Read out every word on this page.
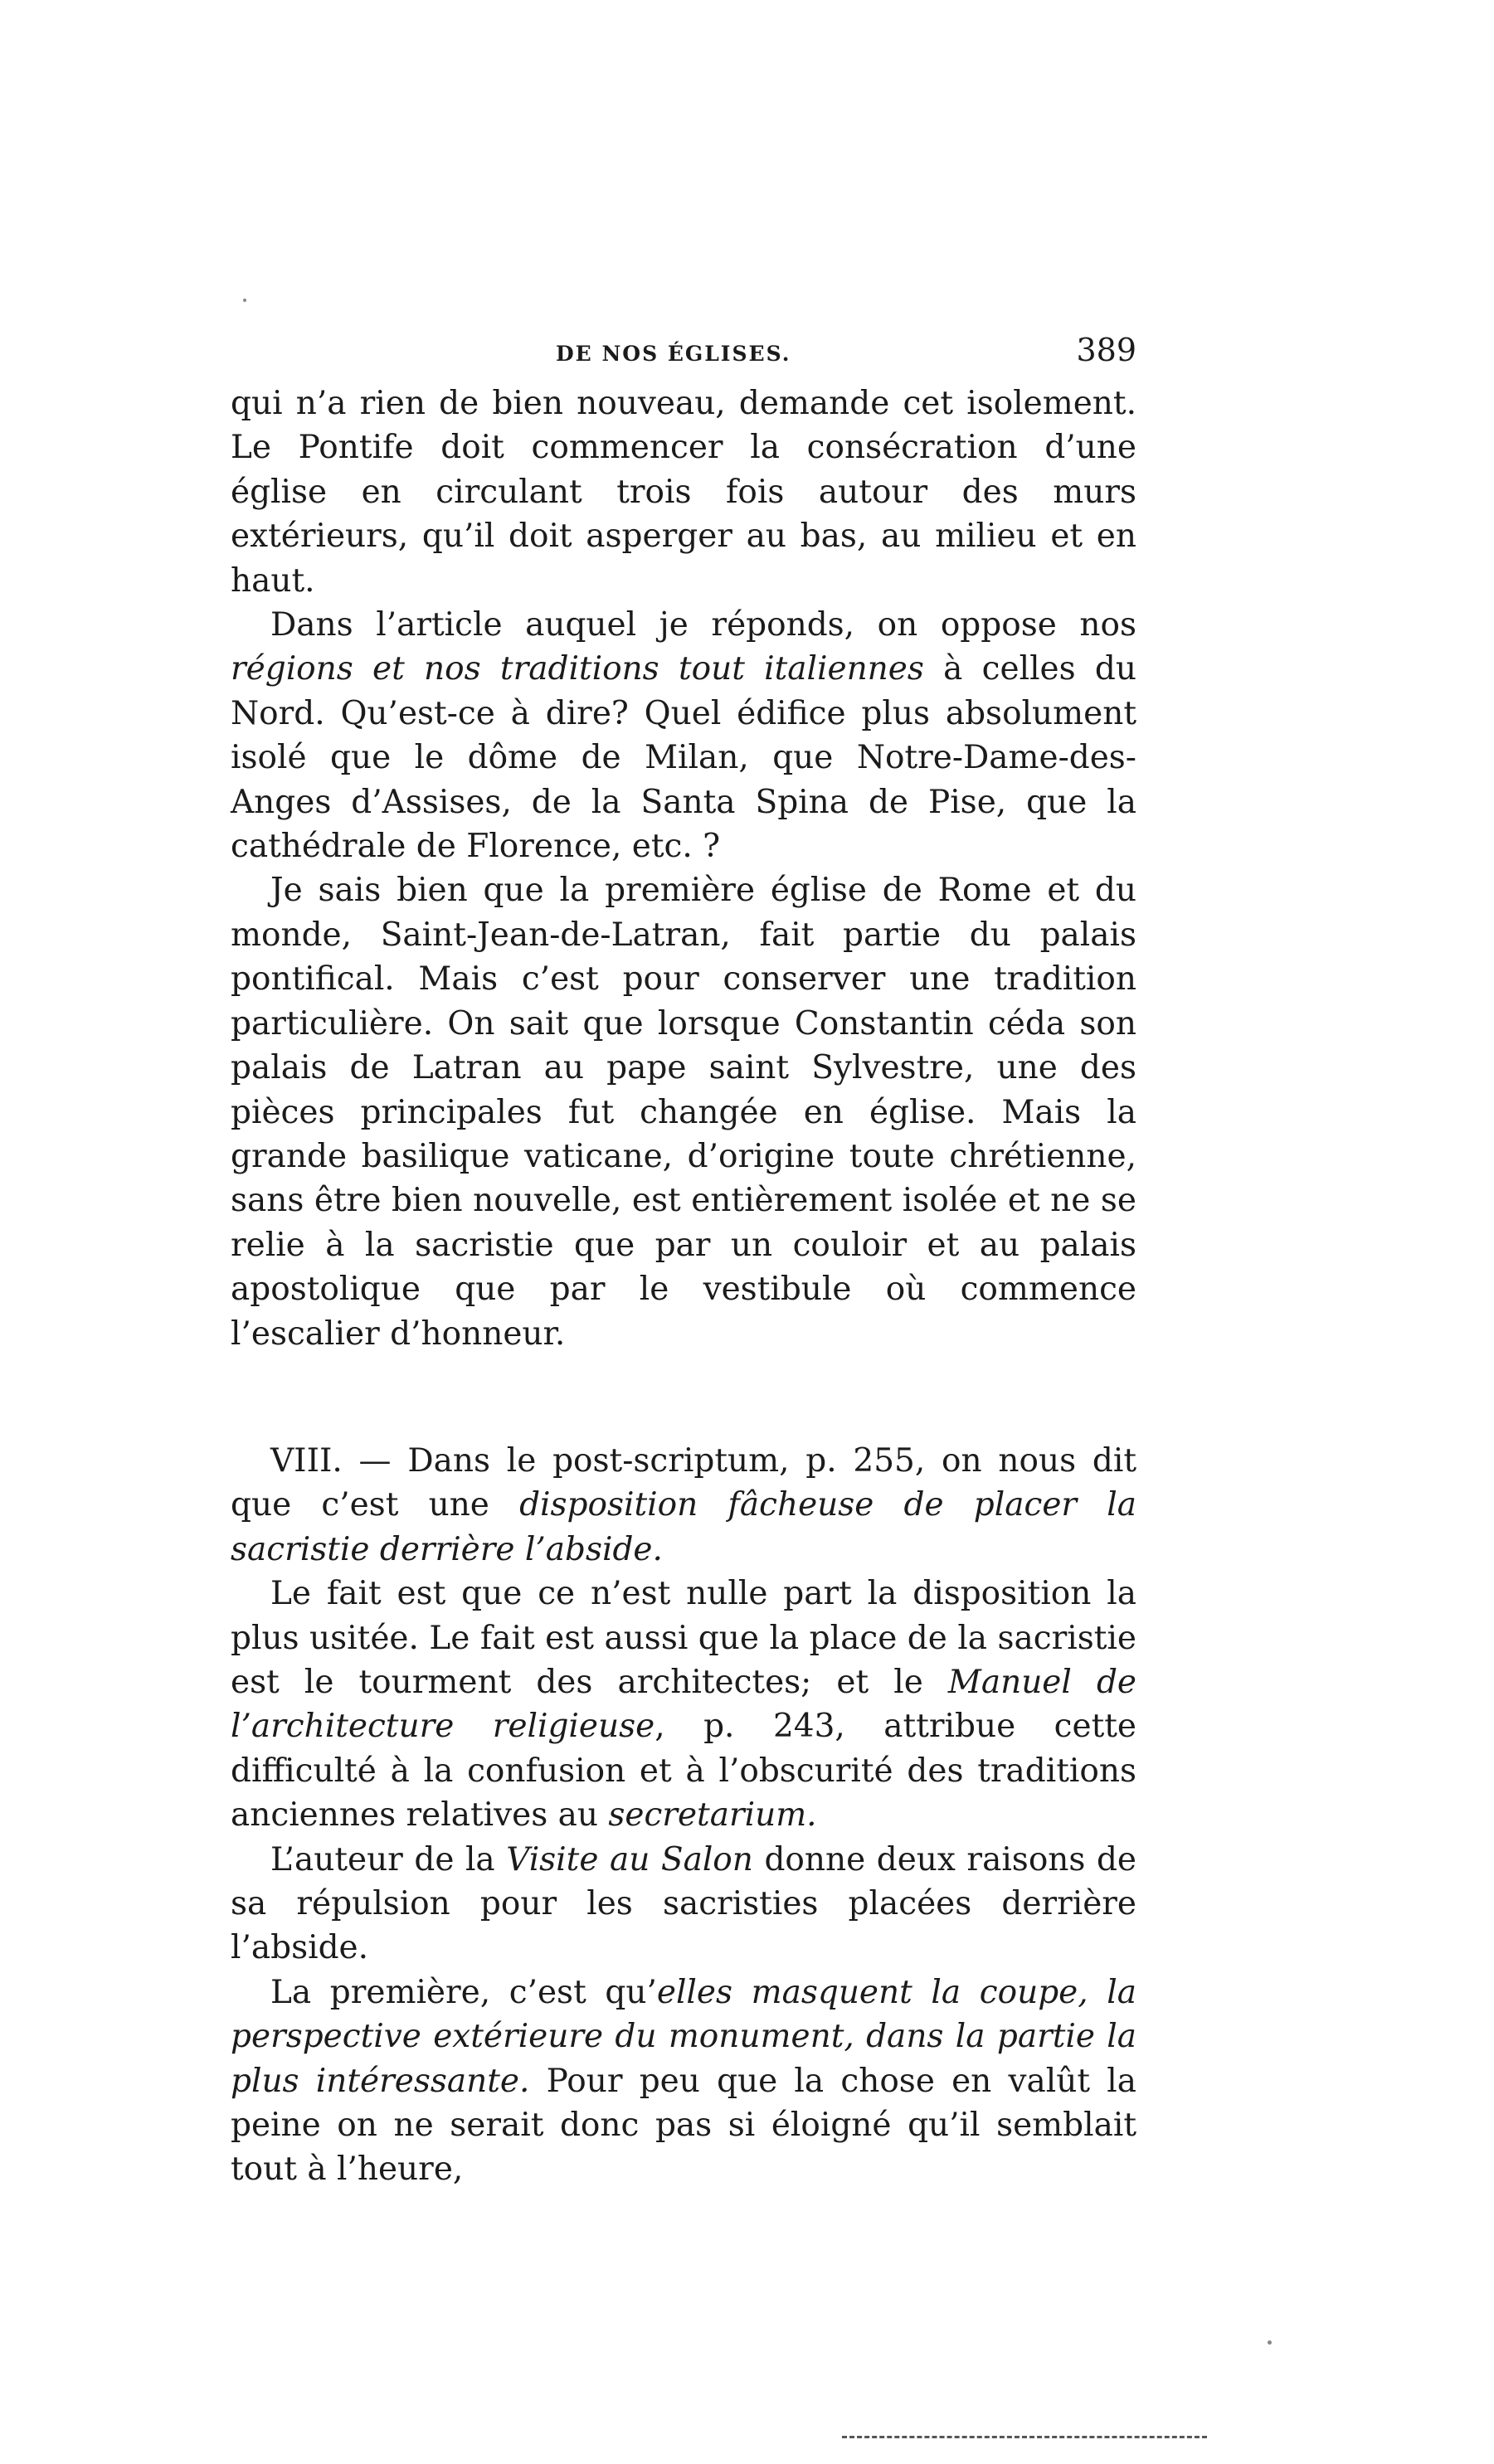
DE NOS ÉGLISES.	389

qui n’a rien de bien nouveau, demande cet isolement. Le Pontife doit commencer la consécration d’une église en circulant trois fois autour des murs extérieurs, qu’il doit asperger au bas, au milieu et en haut.

Dans l’article auquel je réponds, on oppose nos régions et nos traditions tout italiennes à celles du Nord. Qu’est-ce à dire? Quel édifice plus absolument isolé que le dôme de Milan, que Notre-Dame-des-Anges d’Assises, de la Santa Spina de Pise, que la cathédrale de Florence, etc. ?

Je sais bien que la première église de Rome et du monde, Saint-Jean-de-Latran, fait partie du palais pontifical. Mais c’est pour conserver une tradition particulière. On sait que lorsque Constantin céda son palais de Latran au pape saint Sylvestre, une des pièces principales fut changée en église. Mais la grande basilique vaticane, d’origine toute chrétienne, sans être bien nouvelle, est entièrement isolée et ne se relie à la sacristie que par un couloir et au palais apostolique que par le vestibule où commence l’escalier d’honneur.

VIII. — Dans le post-scriptum, p. 255, on nous dit que c’est une disposition fâcheuse de placer la sacristie derrière l’abside.

Le fait est que ce n’est nulle part la disposition la plus usitée. Le fait est aussi que la place de la sacristie est le tourment des architectes; et le Manuel de l’architecture religieuse, p. 243, attribue cette difficulté à la confusion et à l’obscurité des traditions anciennes relatives au secretarium.

L’auteur de la Visite au Salon donne deux raisons de sa répulsion pour les sacristies placées derrière l’abside.

La première, c’est qu’elles masquent la coupe, la perspective extérieure du monument, dans la partie la plus intéressante. Pour peu que la chose en valût la peine on ne serait donc pas si éloigné qu’il semblait tout à l’heure,
